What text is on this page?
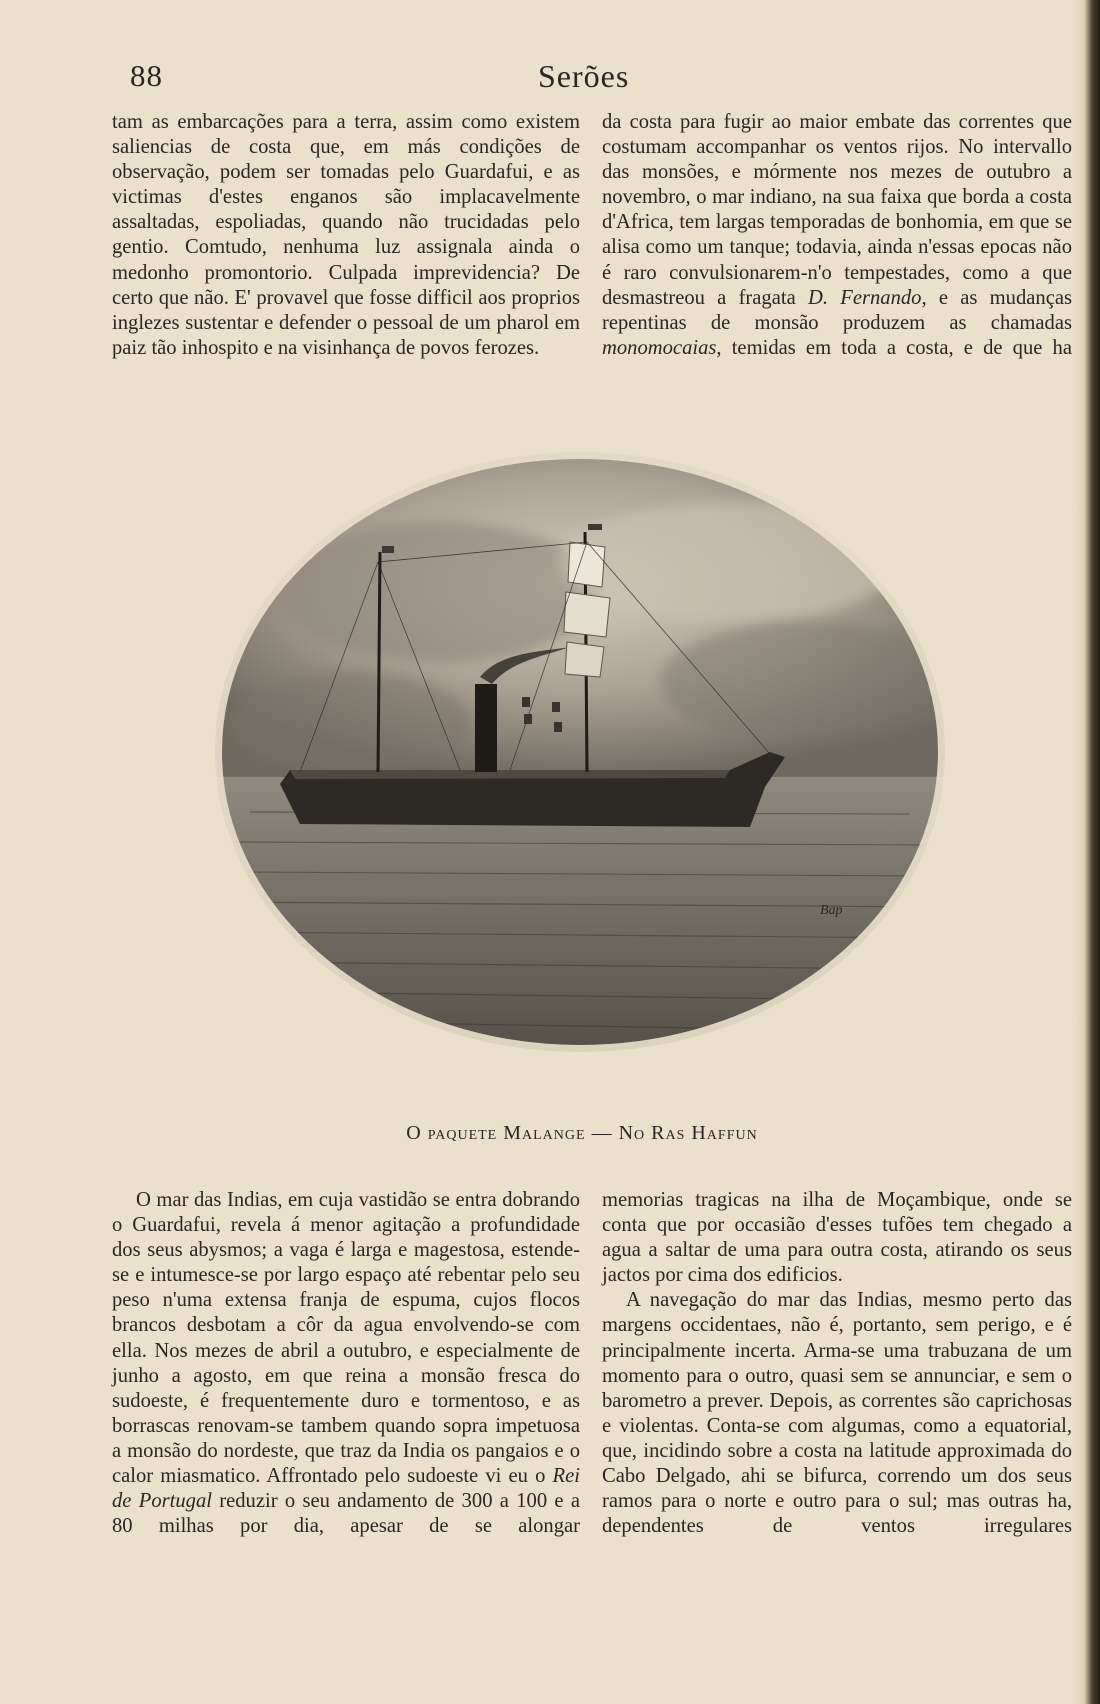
88	Serões

tam as embarcações para a terra, assim como existem saliencias de costa que, em más condições de observação, podem ser tomadas pelo Guardafui, e as victimas d'estes enganos são implacavelmente assaltadas, espoliadas, quando não trucidadas pelo gentio. Comtudo, nenhuma luz assignala ainda o medonho promontorio. Culpada imprevidencia? De certo que não. E' provavel que fosse difficil aos proprios inglezes sustentar e defender o pessoal de um pharol em paiz tão inhospito e na visinhança de povos ferozes.

da costa para fugir ao maior embate das correntes que costumam accompanhar os ventos rijos. No intervallo das monsões, e mórmente nos mezes de outubro a novembro, o mar indiano, na sua faixa que borda a costa d'Africa, tem largas temporadas de bonhomia, em que se alisa como um tanque; todavia, ainda n'essas epocas não é raro convulsionarem-n'o tempestades, como a que desmastreou a fragata D. Fernando, e as mudanças repentinas de monsão produzem as chamadas monomocaias, temidas em toda a costa, e de que ha

Bap
O paquete Malange — No Ras Haffun

O mar das Indias, em cuja vastidão se entra dobrando o Guardafui, revela á menor agitação a profundidade dos seus abysmos; a vaga é larga e magestosa, estende-se e intumesce-se por largo espaço até rebentar pelo seu peso n'uma extensa franja de espuma, cujos flocos brancos desbotam a côr da agua envolvendo-se com ella. Nos mezes de abril a outubro, e especialmente de junho a agosto, em que reina a monsão fresca do sudoeste, é frequentemente duro e tormentoso, e as borrascas renovam-se tambem quando sopra impetuosa a monsão do nordeste, que traz da India os pangaios e o calor miasmatico. Affrontado pelo sudoeste vi eu o Rei de Portugal reduzir o seu andamento de 300 a 100 e a 80 milhas por dia, apesar de se alongar

memorias tragicas na ilha de Moçambique, onde se conta que por occasião d'esses tufões tem chegado a agua a saltar de uma para outra costa, atirando os seus jactos por cima dos edificios.

A navegação do mar das Indias, mesmo perto das margens occidentaes, não é, portanto, sem perigo, e é principalmente incerta. Arma-se uma trabuzana de um momento para o outro, quasi sem se annunciar, e sem o barometro a prever. Depois, as correntes são caprichosas e violentas. Conta-se com algumas, como a equatorial, que, incidindo sobre a costa na latitude approximada do Cabo Delgado, ahi se bifurca, correndo um dos seus ramos para o norte e outro para o sul; mas outras ha, dependentes de ventos irregulares
